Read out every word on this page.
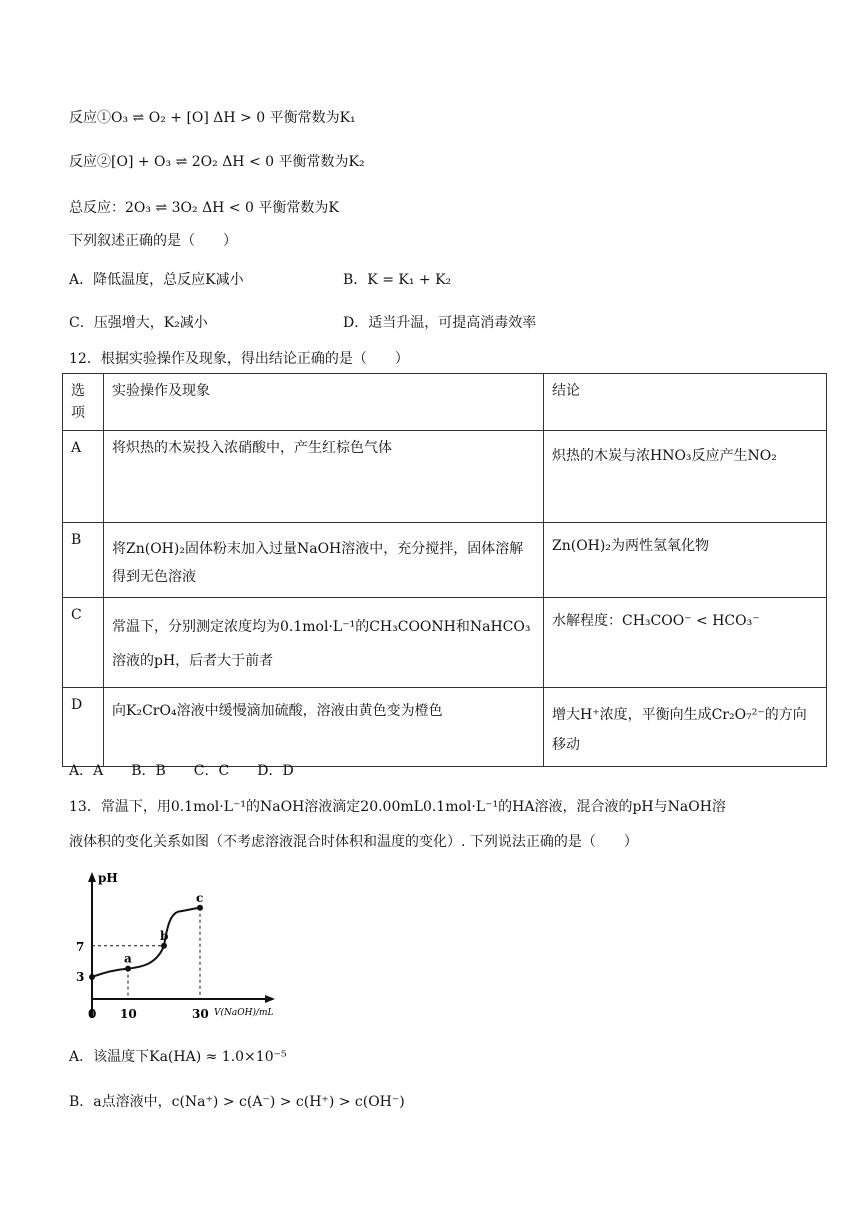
反应①O₃ ⇌ O₂ + [O] ΔH > 0 平衡常数为K₁
反应②[O] + O₃ ⇌ 2O₂ ΔH < 0 平衡常数为K₂
总反应：2O₃ ⇌ 3O₂ ΔH < 0 平衡常数为K
下列叙述正确的是（　　）
A．降低温度，总反应K减小	B．K = K₁ + K₂
C．压强增大，K₂减小	D．适当升温，可提高消毒效率
12．根据实验操作及现象，得出结论正确的是（　　）
选项	实验操作及现象	结论
A	将炽热的木炭投入浓硝酸中，产生红棕色气体	炽热的木炭与浓HNO₃反应产生NO₂
B	将Zn(OH)₂固体粉末加入过量NaOH溶液中，充分搅拌，固体溶解得到无色溶液	Zn(OH)₂为两性氢氧化物
C	常温下，分别测定浓度均为0.1mol·L⁻¹的CH₃COONH和NaHCO₃溶液的pH，后者大于前者	水解程度：CH₃COO⁻ < HCO₃⁻
D	向K₂CrO₄溶液中缓慢滴加硫酸，溶液由黄色变为橙色	增大H⁺浓度，平衡向生成Cr₂O₇²⁻的方向移动
A．A　　B．B　　C．C　　D．D
13．常温下，用0.1mol·L⁻¹的NaOH溶液滴定20.00mL0.1mol·L⁻¹的HA溶液，混合液的pH与NaOH溶
液体积的变化关系如图（不考虑溶液混合时体积和温度的变化）. 下列说法正确的是（　　）
pH
V(NaOH)/mL
a
b
c
3
7
0 10	30
A．该温度下Ka(HA) ≈ 1.0×10⁻⁵
B．a点溶液中，c(Na⁺) > c(A⁻) > c(H⁺) > c(OH⁻)
